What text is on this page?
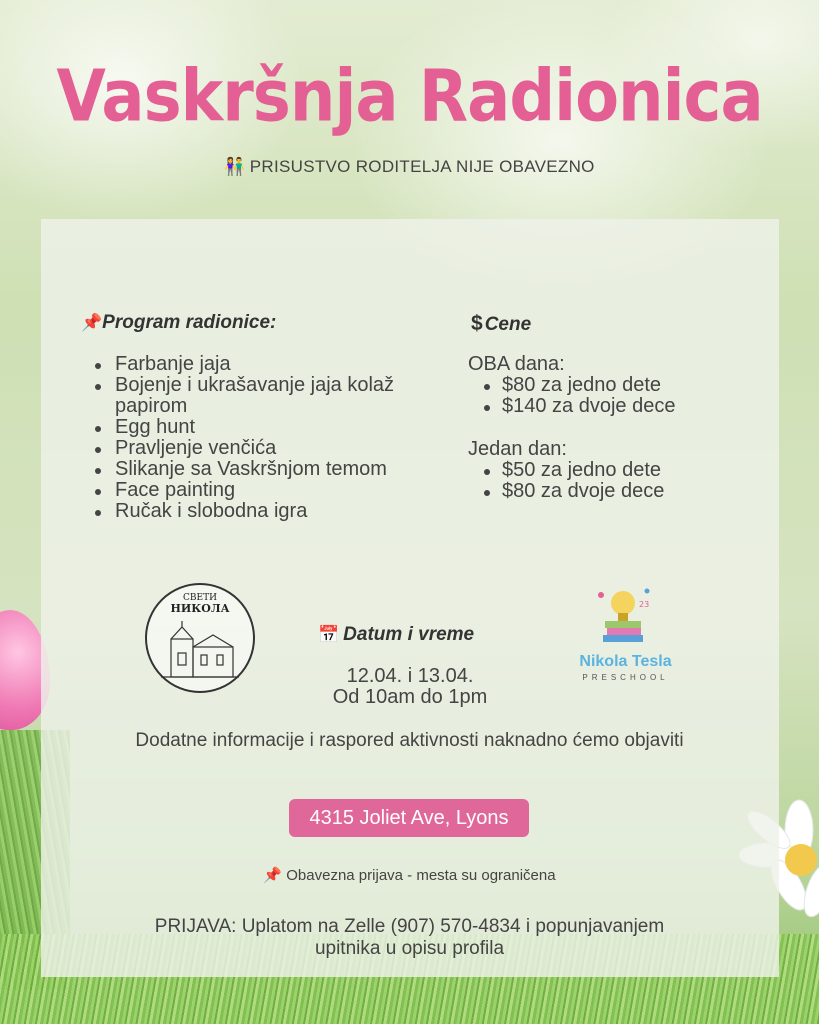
Vaskršnja Radionica
👫 PRISUSTVO RODITELJA NIJE OBAVEZNO
📌Program radionice:
Farbanje jaja
Bojenje i ukrašavanje jaja kolaž papirom
Egg hunt
Pravljenje venčića
Slikanje sa Vaskršnjom temom
Face painting
Ručak i slobodna igra
$ Cene
OBA dana:
$80 za jedno dete
$140 za dvoje dece
Jedan dan:
$50 za jedno dete
$80 za dvoje dece
СВЕТИ
НИКОЛА
📅 Datum i vreme
12.04. i 13.04.
Od 10am do 1pm
23
Nikola Tesla
PRESCHOOL
Dodatne informacije i raspored aktivnosti naknadno ćemo objaviti
4315 Joliet Ave, Lyons
📌 Obavezna prijava - mesta su ograničena
PRIJAVA: Uplatom na Zelle (907) 570-4834 i popunjavanjem
upitnika u opisu profila
